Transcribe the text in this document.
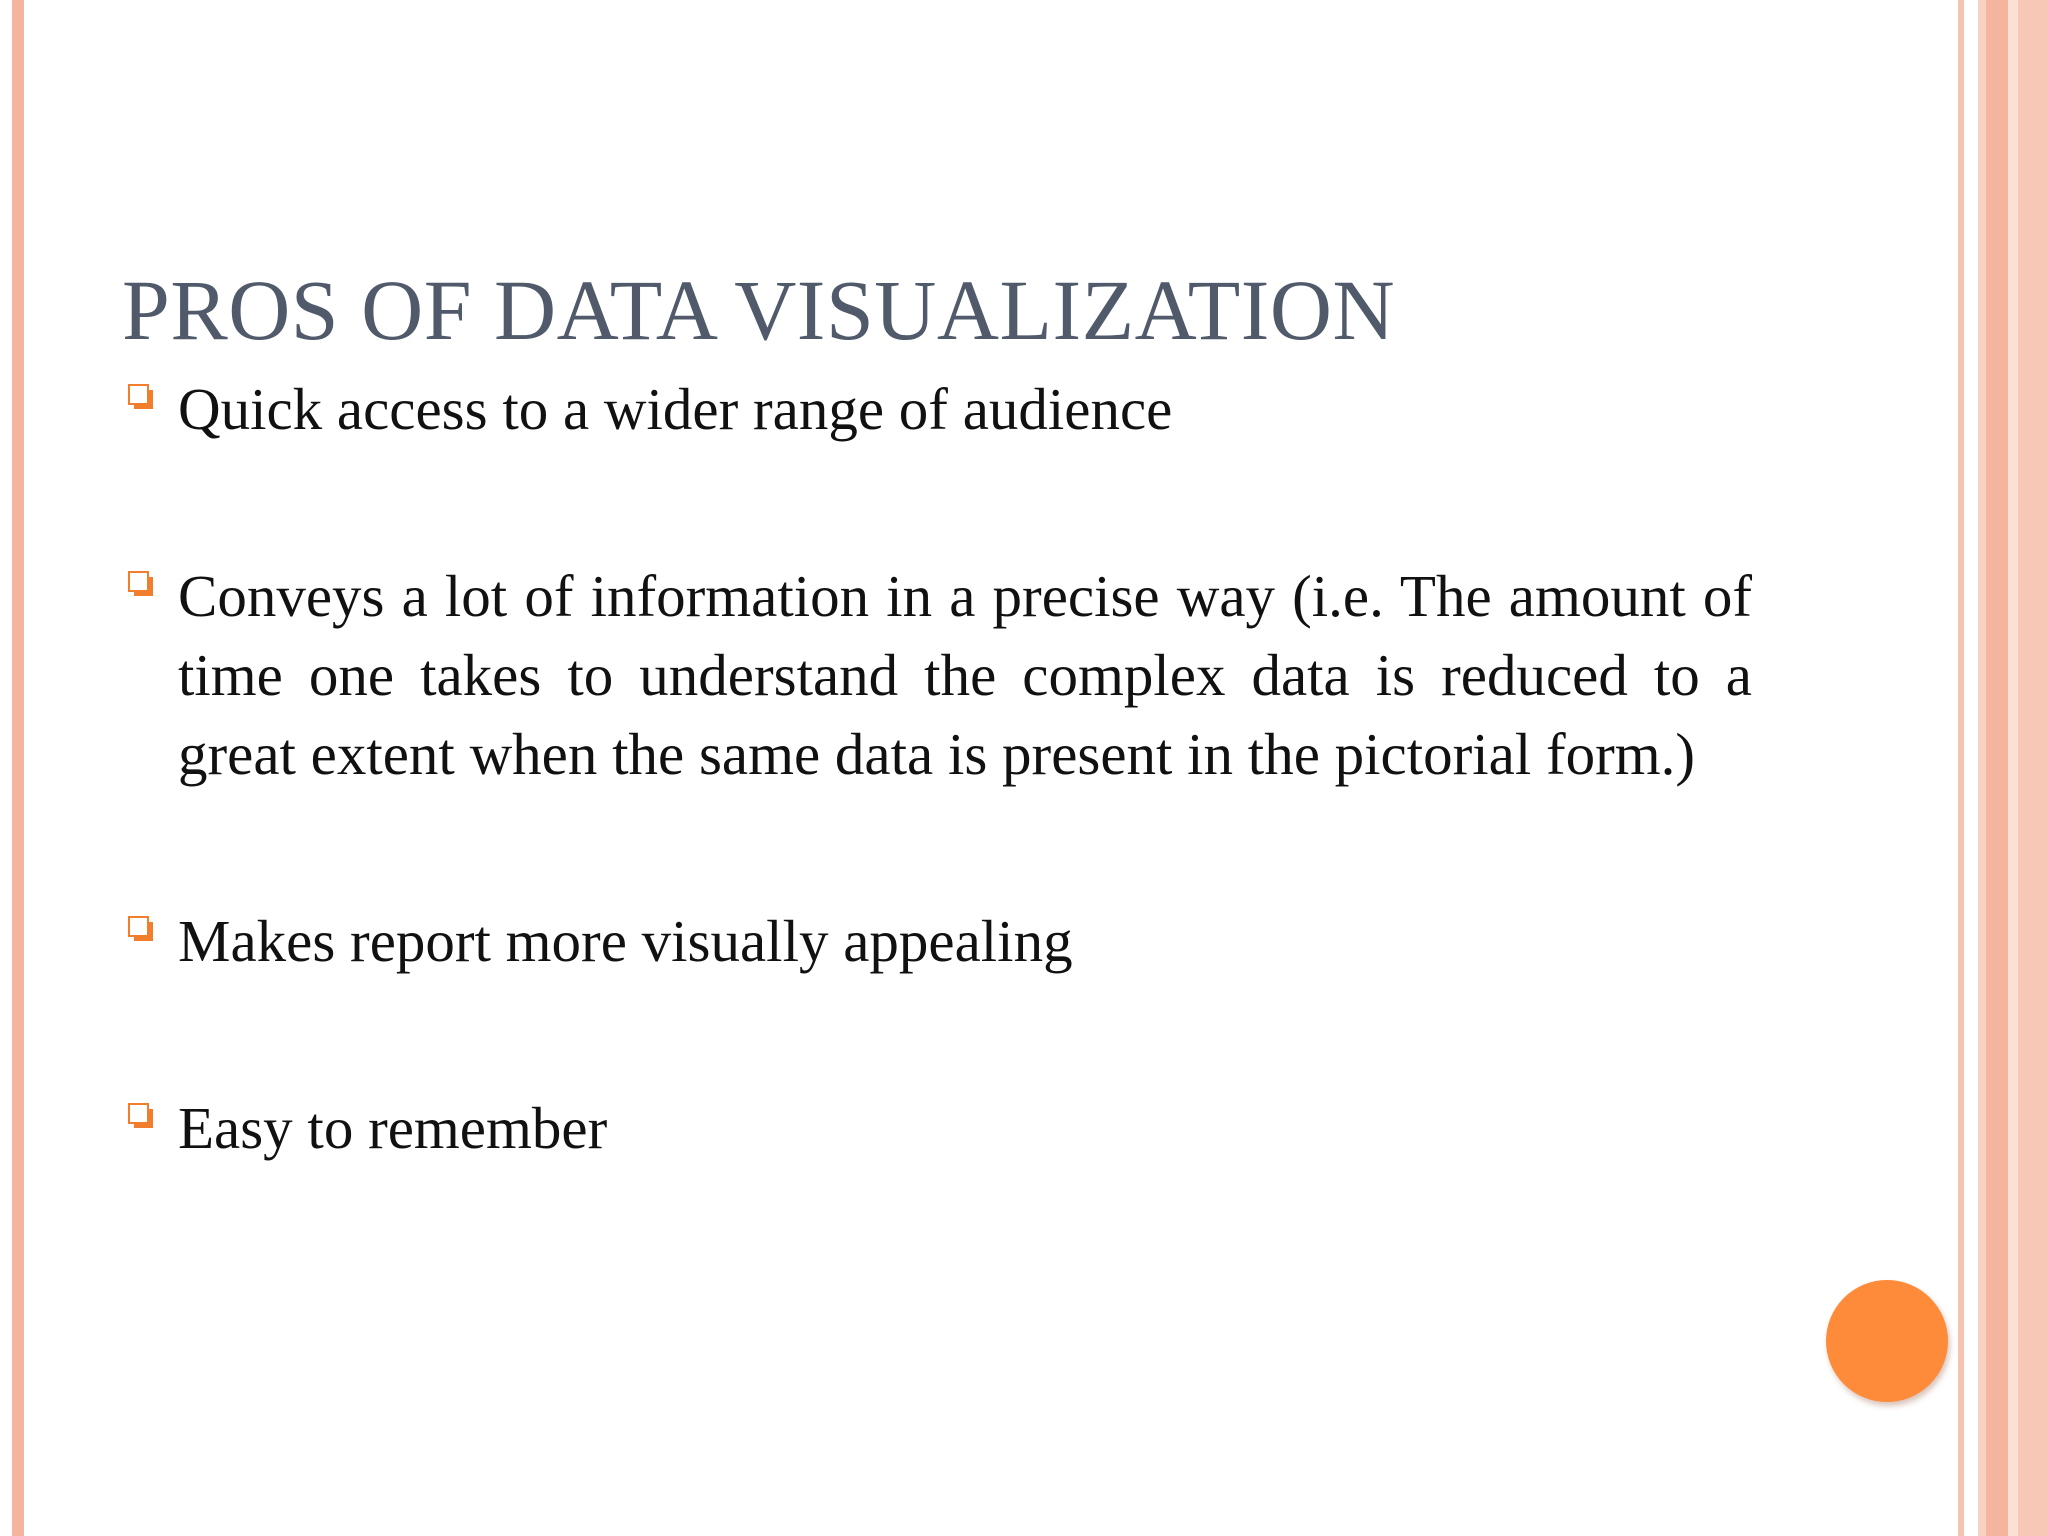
PROS OF DATA VISUALIZATION
Quick access to a wider range of audience
Conveys a lot of information in a precise way (i.e. The amount of time one takes to understand the complex data is reduced to a great extent when the same data is present in the pictorial form.)
Makes report more visually appealing
Easy to remember
